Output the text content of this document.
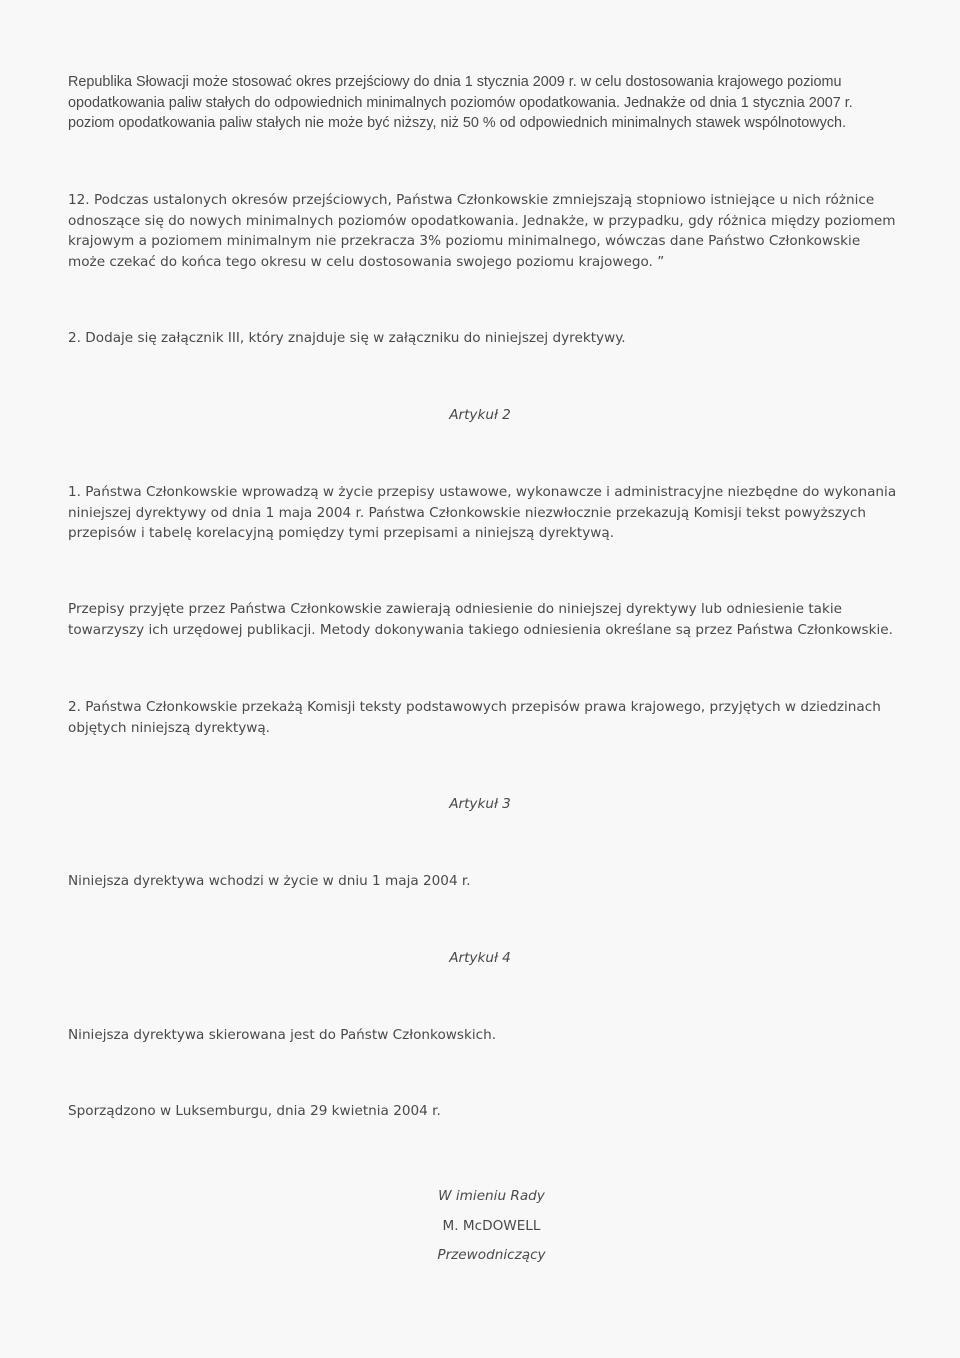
Republika Słowacji może stosować okres przejściowy do dnia 1 stycznia 2009 r. w celu dostosowania krajowego poziomu opodatkowania paliw stałych do odpowiednich minimalnych poziomów opodatkowania. Jednakże od dnia 1 stycznia 2007 r. poziom opodatkowania paliw stałych nie może być niższy, niż 50 % od odpowiednich minimalnych stawek wspólnotowych.

12. Podczas ustalonych okresów przejściowych, Państwa Członkowskie zmniejszają stopniowo istniejące u nich różnice odnoszące się do nowych minimalnych poziomów opodatkowania. Jednakże, w przypadku, gdy różnica między poziomem krajowym a poziomem minimalnym nie przekracza 3% poziomu minimalnego, wówczas dane Państwo Członkowskie może czekać do końca tego okresu w celu dostosowania swojego poziomu krajowego. ”

2. Dodaje się załącznik III, który znajduje się w załączniku do niniejszej dyrektywy.

Artykuł 2

1. Państwa Członkowskie wprowadzą w życie przepisy ustawowe, wykonawcze i administracyjne niezbędne do wykonania niniejszej dyrektywy od dnia 1 maja 2004 r. Państwa Członkowskie niezwłocznie przekazują Komisji tekst powyższych przepisów i tabelę korelacyjną pomiędzy tymi przepisami a niniejszą dyrektywą.

Przepisy przyjęte przez Państwa Członkowskie zawierają odniesienie do niniejszej dyrektywy lub odniesienie takie towarzyszy ich urzędowej publikacji. Metody dokonywania takiego odniesienia określane są przez Państwa Członkowskie.

2. Państwa Członkowskie przekażą Komisji teksty podstawowych przepisów prawa krajowego, przyjętych w dziedzinach objętych niniejszą dyrektywą.

Artykuł 3

Niniejsza dyrektywa wchodzi w życie w dniu 1 maja 2004 r.

Artykuł 4

Niniejsza dyrektywa skierowana jest do Państw Członkowskich.

Sporządzono w Luksemburgu, dnia 29 kwietnia 2004 r.

W imieniu Rady

M. McDOWELL

Przewodniczący
